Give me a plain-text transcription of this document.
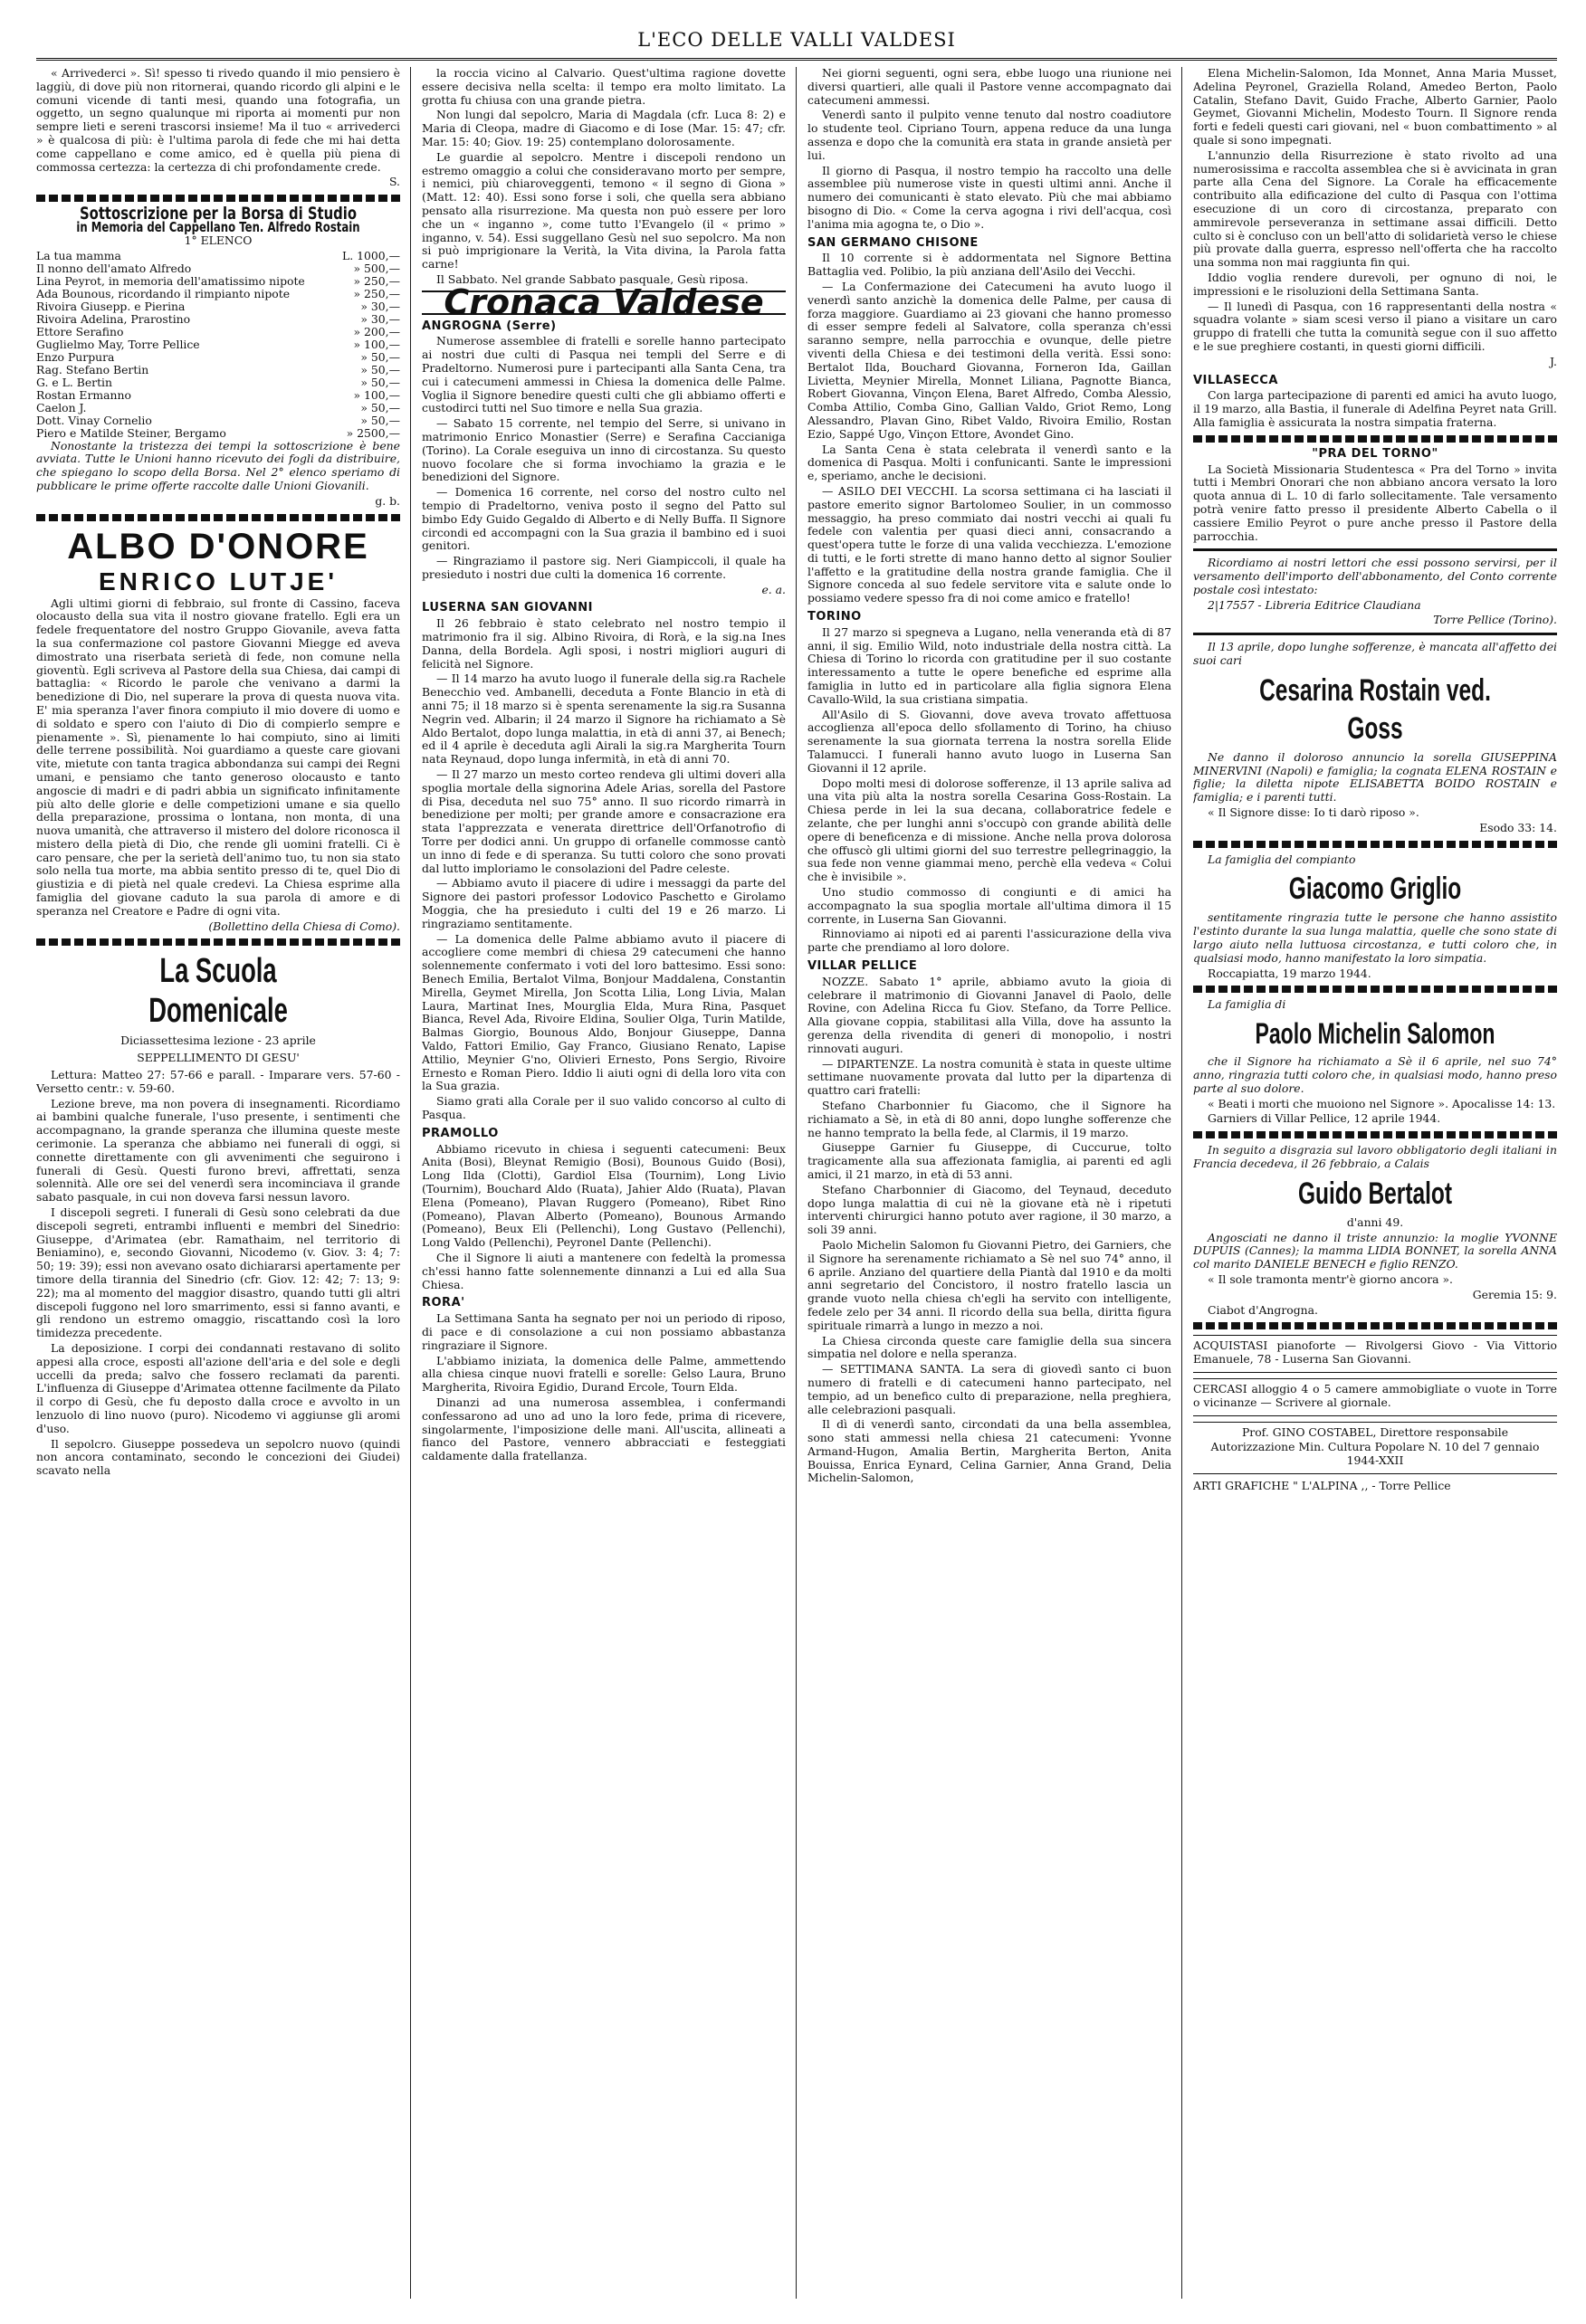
L'ECO DELLE VALLI VALDESI

« Arrivederci ». Sì! spesso ti rivedo quando il mio pensiero è laggiù, di dove più non ritornerai, quando ricordo gli alpini e le comuni vicende di tanti mesi, quando una fotografia, un oggetto, un segno qualunque mi riporta ai momenti pur non sempre lieti e sereni trascorsi insieme! Ma il tuo « arrivederci » è qualcosa di più: è l'ultima parola di fede che mi hai detta come cappellano e come amico, ed è quella più piena di commossa certezza: la certezza di chi profondamente crede.

S.

Sottoscrizione per la Borsa di Studio
in Memoria del Cappellano Ten. Alfredo Rostain

1° ELENCO

La tua mamma	L. 1000,—
Il nonno dell'amato Alfredo	» 500,—
Lina Peyrot, in memoria dell'amatissimo nipote	» 250,—
Ada Bounous, ricordando il rimpianto nipote	» 250,—
Rivoira Giusepp. e Pierina	» 30,—
Rivoira Adelina, Prarostino	» 30,—
Ettore Serafino	» 200,—
Guglielmo May, Torre Pellice	» 100,—
Enzo Purpura	» 50,—
Rag. Stefano Bertin	» 50,—
G. e L. Bertin	» 50,—
Rostan Ermanno	» 100,—
Caelon J.	» 50,—
Dott. Vinay Cornelio	» 50,—
Piero e Matilde Steiner, Bergamo	» 2500,—

Nonostante la tristezza dei tempi la sottoscrizione è bene avviata. Tutte le Unioni hanno ricevuto dei fogli da distribuire, che spiegano lo scopo della Borsa. Nel 2° elenco speriamo di pubblicare le prime offerte raccolte dalle Unioni Giovanili.

g. b.

ALBO D'ONORE
ENRICO LUTJE'

Agli ultimi giorni di febbraio, sul fronte di Cassino, faceva olocausto della sua vita il nostro giovane fratello. Egli era un fedele frequentatore del nostro Gruppo Giovanile, aveva fatta la sua confermazione col pastore Giovanni Miegge ed aveva dimostrato una riserbata serietà di fede, non comune nella gioventù. Egli scriveva al Pastore della sua Chiesa, dai campi di battaglia: « Ricordo le parole che venivano a darmi la benedizione di Dio, nel superare la prova di questa nuova vita. E' mia speranza l'aver finora compiuto il mio dovere di uomo e di soldato e spero con l'aiuto di Dio di compierlo sempre e pienamente ». Sì, pienamente lo hai compiuto, sino ai limiti delle terrene possibilità. Noi guardiamo a queste care giovani vite, mietute con tanta tragica abbondanza sui campi dei Regni umani, e pensiamo che tanto generoso olocausto e tanto angoscie di madri e di padri abbia un significato infinitamente più alto delle glorie e delle competizioni umane e sia quello della preparazione, prossima o lontana, non monta, di una nuova umanità, che attraverso il mistero del dolore riconosca il mistero della pietà di Dio, che rende gli uomini fratelli. Ci è caro pensare, che per la serietà dell'animo tuo, tu non sia stato solo nella tua morte, ma abbia sentito presso di te, quel Dio di giustizia e di pietà nel quale credevi. La Chiesa esprime alla famiglia del giovane caduto la sua parola di amore e di speranza nel Creatore e Padre di ogni vita.

(Bollettino della Chiesa di Como).

La Scuola Domenicale

Diciassettesima lezione - 23 aprile

SEPPELLIMENTO DI GESU'

Lettura: Matteo 27: 57-66 e parall. - Imparare vers. 57-60 - Versetto centr.: v. 59-60.

Lezione breve, ma non povera di insegnamenti. Ricordiamo ai bambini qualche funerale, l'uso presente, i sentimenti che accompagnano, la grande speranza che illumina queste meste cerimonie. La speranza che abbiamo nei funerali di oggi, si connette direttamente con gli avvenimenti che seguirono i funerali di Gesù. Questi furono brevi, affrettati, senza solennità. Alle ore sei del venerdì sera incominciava il grande sabato pasquale, in cui non doveva farsi nessun lavoro.

I discepoli segreti. I funerali di Gesù sono celebrati da due discepoli segreti, entrambi influenti e membri del Sinedrio: Giuseppe, d'Arimatea (ebr. Ramathaim, nel territorio di Beniamino), e, secondo Giovanni, Nicodemo (v. Giov. 3: 4; 7: 50; 19: 39); essi non avevano osato dichiararsi apertamente per timore della tirannia del Sinedrio (cfr. Giov. 12: 42; 7: 13; 9: 22); ma al momento del maggior disastro, quando tutti gli altri discepoli fuggono nel loro smarrimento, essi si fanno avanti, e gli rendono un estremo omaggio, riscattando così la loro timidezza precedente.

La deposizione. I corpi dei condannati restavano di solito appesi alla croce, esposti all'azione dell'aria e del sole e degli uccelli da preda; salvo che fossero reclamati da parenti. L'influenza di Giuseppe d'Arimatea ottenne facilmente da Pilato il corpo di Gesù, che fu deposto dalla croce e avvolto in un lenzuolo di lino nuovo (puro). Nicodemo vi aggiunse gli aromi d'uso.

Il sepolcro. Giuseppe possedeva un sepolcro nuovo (quindi non ancora contaminato, secondo le concezioni dei Giudei) scavato nella

la roccia vicino al Calvario. Quest'ultima ragione dovette essere decisiva nella scelta: il tempo era molto limitato. La grotta fu chiusa con una grande pietra.

Non lungi dal sepolcro, Maria di Magdala (cfr. Luca 8: 2) e Maria di Cleopa, madre di Giacomo e di Iose (Mar. 15: 47; cfr. Mar. 15: 40; Giov. 19: 25) contemplano dolorosamente.

Le guardie al sepolcro. Mentre i discepoli rendono un estremo omaggio a colui che consideravano morto per sempre, i nemici, più chiaroveggenti, temono « il segno di Giona » (Matt. 12: 40). Essi sono forse i soli, che quella sera abbiano pensato alla risurrezione. Ma questa non può essere per loro che un « inganno », come tutto l'Evangelo (il « primo » inganno, v. 54). Essi suggellano Gesù nel suo sepolcro. Ma non si può imprigionare la Verità, la Vita divina, la Parola fatta carne!

Il Sabbato. Nel grande Sabbato pasquale, Gesù riposa.

Cronaca Valdese
ANGROGNA (Serre)

Numerose assemblee di fratelli e sorelle hanno partecipato ai nostri due culti di Pasqua nei templi del Serre e di Pradeltorno. Numerosi pure i partecipanti alla Santa Cena, tra cui i catecumeni ammessi in Chiesa la domenica delle Palme. Voglia il Signore benedire questi culti che gli abbiamo offerti e custodirci tutti nel Suo timore e nella Sua grazia.

— Sabato 15 corrente, nel tempio del Serre, si univano in matrimonio Enrico Monastier (Serre) e Serafina Caccianiga (Torino). La Corale eseguiva un inno di circostanza. Su questo nuovo focolare che si forma invochiamo la grazia e le benedizioni del Signore.

— Domenica 16 corrente, nel corso del nostro culto nel tempio di Pradeltorno, veniva posto il segno del Patto sul bimbo Edy Guido Gegaldo di Alberto e di Nelly Buffa. Il Signore circondi ed accompagni con la Sua grazia il bambino ed i suoi genitori.

— Ringraziamo il pastore sig. Neri Giampiccoli, il quale ha presieduto i nostri due culti la domenica 16 corrente.

e. a.

LUSERNA SAN GIOVANNI

Il 26 febbraio è stato celebrato nel nostro tempio il matrimonio fra il sig. Albino Rivoira, di Rorà, e la sig.na Ines Danna, della Bordela. Agli sposi, i nostri migliori auguri di felicità nel Signore.

— Il 14 marzo ha avuto luogo il funerale della sig.ra Rachele Benecchio ved. Ambanelli, deceduta a Fonte Blancio in età di anni 75; il 18 marzo si è spenta serenamente la sig.ra Susanna Negrin ved. Albarin; il 24 marzo il Signore ha richiamato a Sè Aldo Bertalot, dopo lunga malattia, in età di anni 37, ai Benech; ed il 4 aprile è deceduta agli Airali la sig.ra Margherita Tourn nata Reynaud, dopo lunga infermità, in età di anni 70.

— Il 27 marzo un mesto corteo rendeva gli ultimi doveri alla spoglia mortale della signorina Adele Arias, sorella del Pastore di Pisa, deceduta nel suo 75° anno. Il suo ricordo rimarrà in benedizione per molti; per grande amore e consacrazione era stata l'apprezzata e venerata direttrice dell'Orfanotrofio di Torre per dodici anni. Un gruppo di orfanelle commosse cantò un inno di fede e di speranza. Su tutti coloro che sono provati dal lutto imploriamo le consolazioni del Padre celeste.

— Abbiamo avuto il piacere di udire i messaggi da parte del Signore dei pastori professor Lodovico Paschetto e Girolamo Moggia, che ha presieduto i culti del 19 e 26 marzo. Li ringraziamo sentitamente.

— La domenica delle Palme abbiamo avuto il piacere di accogliere come membri di chiesa 29 catecumeni che hanno solennemente confermato i voti del loro battesimo. Essi sono: Benech Emilia, Bertalot Vilma, Bonjour Maddalena, Constantin Mirella, Geymet Mirella, Jon Scotta Lilia, Long Livia, Malan Laura, Martinat Ines, Mourglia Elda, Mura Rina, Pasquet Bianca, Revel Ada, Rivoire Eldina, Soulier Olga, Turin Matilde, Balmas Giorgio, Bounous Aldo, Bonjour Giuseppe, Danna Valdo, Fattori Emilio, Gay Franco, Giusiano Renato, Lapise Attilio, Meynier G'no, Olivieri Ernesto, Pons Sergio, Rivoire Ernesto e Roman Piero. Iddio li aiuti ogni di della loro vita con la Sua grazia.

Siamo grati alla Corale per il suo valido concorso al culto di Pasqua.

PRAMOLLO

Abbiamo ricevuto in chiesa i seguenti catecumeni: Beux Anita (Bosi), Bleynat Remigio (Bosi), Bounous Guido (Bosi), Long Ilda (Clotti), Gardiol Elsa (Tournim), Long Livio (Tournim), Bouchard Aldo (Ruata), Jahier Aldo (Ruata), Plavan Elena (Pomeano), Plavan Ruggero (Pomeano), Ribet Rino (Pomeano), Plavan Alberto (Pomeano), Bounous Armando (Pomeano), Beux Eli (Pellenchi), Long Gustavo (Pellenchi), Long Valdo (Pellenchi), Peyronel Dante (Pellenchi).

Che il Signore li aiuti a mantenere con fedeltà la promessa ch'essi hanno fatte solennemente dinnanzi a Lui ed alla Sua Chiesa.

RORA'

La Settimana Santa ha segnato per noi un periodo di riposo, di pace e di consolazione a cui non possiamo abbastanza ringraziare il Signore.

L'abbiamo iniziata, la domenica delle Palme, ammettendo alla chiesa cinque nuovi fratelli e sorelle: Gelso Laura, Bruno Margherita, Rivoira Egidio, Durand Ercole, Tourn Elda.

Dinanzi ad una numerosa assemblea, i confermandi confessarono ad uno ad uno la loro fede, prima di ricevere, singolarmente, l'imposizione delle mani. All'uscita, allineati a fianco del Pastore, vennero abbracciati e festeggiati caldamente dalla fratellanza.

Nei giorni seguenti, ogni sera, ebbe luogo una riunione nei diversi quartieri, alle quali il Pastore venne accompagnato dai catecumeni ammessi.

Venerdì santo il pulpito venne tenuto dal nostro coadiutore lo studente teol. Cipriano Tourn, appena reduce da una lunga assenza e dopo che la comunità era stata in grande ansietà per lui.

Il giorno di Pasqua, il nostro tempio ha raccolto una delle assemblee più numerose viste in questi ultimi anni. Anche il numero dei comunicanti è stato elevato. Più che mai abbiamo bisogno di Dio. « Come la cerva agogna i rivi dell'acqua, così l'anima mia agogna te, o Dio ».

SAN GERMANO CHISONE

Il 10 corrente si è addormentata nel Signore Bettina Battaglia ved. Polibio, la più anziana dell'Asilo dei Vecchi.

— La Confermazione dei Catecumeni ha avuto luogo il venerdì santo anzichè la domenica delle Palme, per causa di forza maggiore. Guardiamo ai 23 giovani che hanno promesso di esser sempre fedeli al Salvatore, colla speranza ch'essi saranno sempre, nella parrocchia e ovunque, delle pietre viventi della Chiesa e dei testimoni della verità. Essi sono: Bertalot Ilda, Bouchard Giovanna, Forneron Ida, Gaillan Livietta, Meynier Mirella, Monnet Liliana, Pagnotte Bianca, Robert Giovanna, Vinçon Elena, Baret Alfredo, Comba Alessio, Comba Attilio, Comba Gino, Gallian Valdo, Griot Remo, Long Alessandro, Plavan Gino, Ribet Valdo, Rivoira Emilio, Rostan Ezio, Sappé Ugo, Vinçon Ettore, Avondet Gino.

La Santa Cena è stata celebrata il venerdì santo e la domenica di Pasqua. Molti i confunicanti. Sante le impressioni e, speriamo, anche le decisioni.

— ASILO DEI VECCHI. La scorsa settimana ci ha lasciati il pastore emerito signor Bartolomeo Soulier, in un commosso messaggio, ha preso commiato dai nostri vecchi ai quali fu fedele con valentia per quasi dieci anni, consacrando a quest'opera tutte le forze di una valida vecchiezza. L'emozione di tutti, e le forti strette di mano hanno detto al signor Soulier l'affetto e la gratitudine della nostra grande famiglia. Che il Signore conceda al suo fedele servitore vita e salute onde lo possiamo vedere spesso fra di noi come amico e fratello!

TORINO

Il 27 marzo si spegneva a Lugano, nella veneranda età di 87 anni, il sig. Emilio Wild, noto industriale della nostra città. La Chiesa di Torino lo ricorda con gratitudine per il suo costante interessamento a tutte le opere benefiche ed esprime alla famiglia in lutto ed in particolare alla figlia signora Elena Cavallo-Wild, la sua cristiana simpatia.

All'Asilo di S. Giovanni, dove aveva trovato affettuosa accoglienza all'epoca dello sfollamento di Torino, ha chiuso serenamente la sua giornata terrena la nostra sorella Elide Talamucci. I funerali hanno avuto luogo in Luserna San Giovanni il 12 aprile.

Dopo molti mesi di dolorose sofferenze, il 13 aprile saliva ad una vita più alta la nostra sorella Cesarina Goss-Rostain. La Chiesa perde in lei la sua decana, collaboratrice fedele e zelante, che per lunghi anni s'occupò con grande abilità delle opere di beneficenza e di missione. Anche nella prova dolorosa che offuscò gli ultimi giorni del suo terrestre pellegrinaggio, la sua fede non venne giammai meno, perchè ella vedeva « Colui che è invisibile ».

Uno studio commosso di congiunti e di amici ha accompagnato la sua spoglia mortale all'ultima dimora il 15 corrente, in Luserna San Giovanni.

Rinnoviamo ai nipoti ed ai parenti l'assicurazione della viva parte che prendiamo al loro dolore.

VILLAR PELLICE

NOZZE. Sabato 1° aprile, abbiamo avuto la gioia di celebrare il matrimonio di Giovanni Janavel di Paolo, delle Rovine, con Adelina Ricca fu Giov. Stefano, da Torre Pellice. Alla giovane coppia, stabilitasi alla Villa, dove ha assunto la gerenza della rivendita di generi di monopolio, i nostri rinnovati auguri.

— DIPARTENZE. La nostra comunità è stata in queste ultime settimane nuovamente provata dal lutto per la dipartenza di quattro cari fratelli:

Stefano Charbonnier fu Giacomo, che il Signore ha richiamato a Sè, in età di 80 anni, dopo lunghe sofferenze che ne hanno temprato la bella fede, al Clarmis, il 19 marzo.

Giuseppe Garnier fu Giuseppe, di Cuccurue, tolto tragicamente alla sua affezionata famiglia, ai parenti ed agli amici, il 21 marzo, in età di 53 anni.

Stefano Charbonnier di Giacomo, del Teynaud, deceduto dopo lunga malattia di cui nè la giovane età nè i ripetuti interventi chirurgici hanno potuto aver ragione, il 30 marzo, a soli 39 anni.

Paolo Michelin Salomon fu Giovanni Pietro, dei Garniers, che il Signore ha serenamente richiamato a Sè nel suo 74° anno, il 6 aprile. Anziano del quartiere della Piantà dal 1910 e da molti anni segretario del Concistoro, il nostro fratello lascia un grande vuoto nella chiesa ch'egli ha servito con intelligente, fedele zelo per 34 anni. Il ricordo della sua bella, diritta figura spirituale rimarrà a lungo in mezzo a noi.

La Chiesa circonda queste care famiglie della sua sincera simpatia nel dolore e nella speranza.

— SETTIMANA SANTA. La sera di giovedì santo ci buon numero di fratelli e di catecumeni hanno partecipato, nel tempio, ad un benefico culto di preparazione, nella preghiera, alle celebrazioni pasquali.

Il dì di venerdì santo, circondati da una bella assemblea, sono stati ammessi nella chiesa 21 catecumeni: Yvonne Armand-Hugon, Amalia Bertin, Margherita Berton, Anita Bouissa, Enrica Eynard, Celina Garnier, Anna Grand, Delia Michelin-Salomon,

Elena Michelin-Salomon, Ida Monnet, Anna Maria Musset, Adelina Peyronel, Graziella Roland, Amedeo Berton, Paolo Catalin, Stefano Davit, Guido Frache, Alberto Garnier, Paolo Geymet, Giovanni Michelin, Modesto Tourn. Il Signore renda forti e fedeli questi cari giovani, nel « buon combattimento » al quale si sono impegnati.

L'annunzio della Risurrezione è stato rivolto ad una numerosissima e raccolta assemblea che si è avvicinata in gran parte alla Cena del Signore. La Corale ha efficacemente contribuito alla edificazione del culto di Pasqua con l'ottima esecuzione di un coro di circostanza, preparato con ammirevole perseveranza in settimane assai difficili. Detto culto si è concluso con un bell'atto di solidarietà verso le chiese più provate dalla guerra, espresso nell'offerta che ha raccolto una somma non mai raggiunta fin qui.

Iddio voglia rendere durevoli, per ognuno di noi, le impressioni e le risoluzioni della Settimana Santa.

— Il lunedì di Pasqua, con 16 rappresentanti della nostra « squadra volante » siam scesi verso il piano a visitare un caro gruppo di fratelli che tutta la comunità segue con il suo affetto e le sue preghiere costanti, in questi giorni difficili.

J.

VILLASECCA

Con larga partecipazione di parenti ed amici ha avuto luogo, il 19 marzo, alla Bastia, il funerale di Adelfina Peyret nata Grill. Alla famiglia è assicurata la nostra simpatia fraterna.

"PRA DEL TORNO"

La Società Missionaria Studentesca « Pra del Torno » invita tutti i Membri Onorari che non abbiano ancora versato la loro quota annua di L. 10 di farlo sollecitamente. Tale versamento potrà venire fatto presso il presidente Alberto Cabella o il cassiere Emilio Peyrot o pure anche presso il Pastore della parrocchia.

Ricordiamo ai nostri lettori che essi possono servirsi, per il versamento dell'importo dell'abbonamento, del Conto corrente postale così intestato:

2|17557 - Libreria Editrice Claudiana

Torre Pellice (Torino).

Il 13 aprile, dopo lunghe sofferenze, è mancata all'affetto dei suoi cari

Cesarina Rostain ved. Goss

Ne danno il doloroso annuncio la sorella GIUSEPPINA MINERVINI (Napoli) e famiglia; la cognata ELENA ROSTAIN e figlie; la diletta nipote ELISABETTA BOIDO ROSTAIN e famiglia; e i parenti tutti.

« Il Signore disse: Io ti darò riposo ».

Esodo 33: 14.

La famiglia del compianto

Giacomo Griglio

sentitamente ringrazia tutte le persone che hanno assistito l'estinto durante la sua lunga malattia, quelle che sono state di largo aiuto nella luttuosa circostanza, e tutti coloro che, in qualsiasi modo, hanno manifestato la loro simpatia.

Roccapiatta, 19 marzo 1944.

La famiglia di

Paolo Michelin Salomon

che il Signore ha richiamato a Sè il 6 aprile, nel suo 74° anno, ringrazia tutti coloro che, in qualsiasi modo, hanno preso parte al suo dolore.

« Beati i morti che muoiono nel Signore ». Apocalisse 14: 13.

Garniers di Villar Pellice, 12 aprile 1944.

In seguito a disgrazia sul lavoro obbligatorio degli italiani in Francia decedeva, il 26 febbraio, a Calais

Guido Bertalot

d'anni 49.

Angosciati ne danno il triste annunzio: la moglie YVONNE DUPUIS (Cannes); la mamma LIDIA BONNET, la sorella ANNA col marito DANIELE BENECH e figlio RENZO.

« Il sole tramonta mentr'è giorno ancora ».

Geremia 15: 9.

Ciabot d'Angrogna.

ACQUISTASI pianoforte — Rivolgersi Giovo - Via Vittorio Emanuele, 78 - Luserna San Giovanni.

CERCASI alloggio 4 o 5 camere ammobigliate o vuote in Torre o vicinanze — Scrivere al giornale.

Prof. GINO COSTABEL, Direttore responsabile

Autorizzazione Min. Cultura Popolare N. 10 del 7 gennaio 1944-XXII

ARTI GRAFICHE " L'ALPINA ,, - Torre Pellice
